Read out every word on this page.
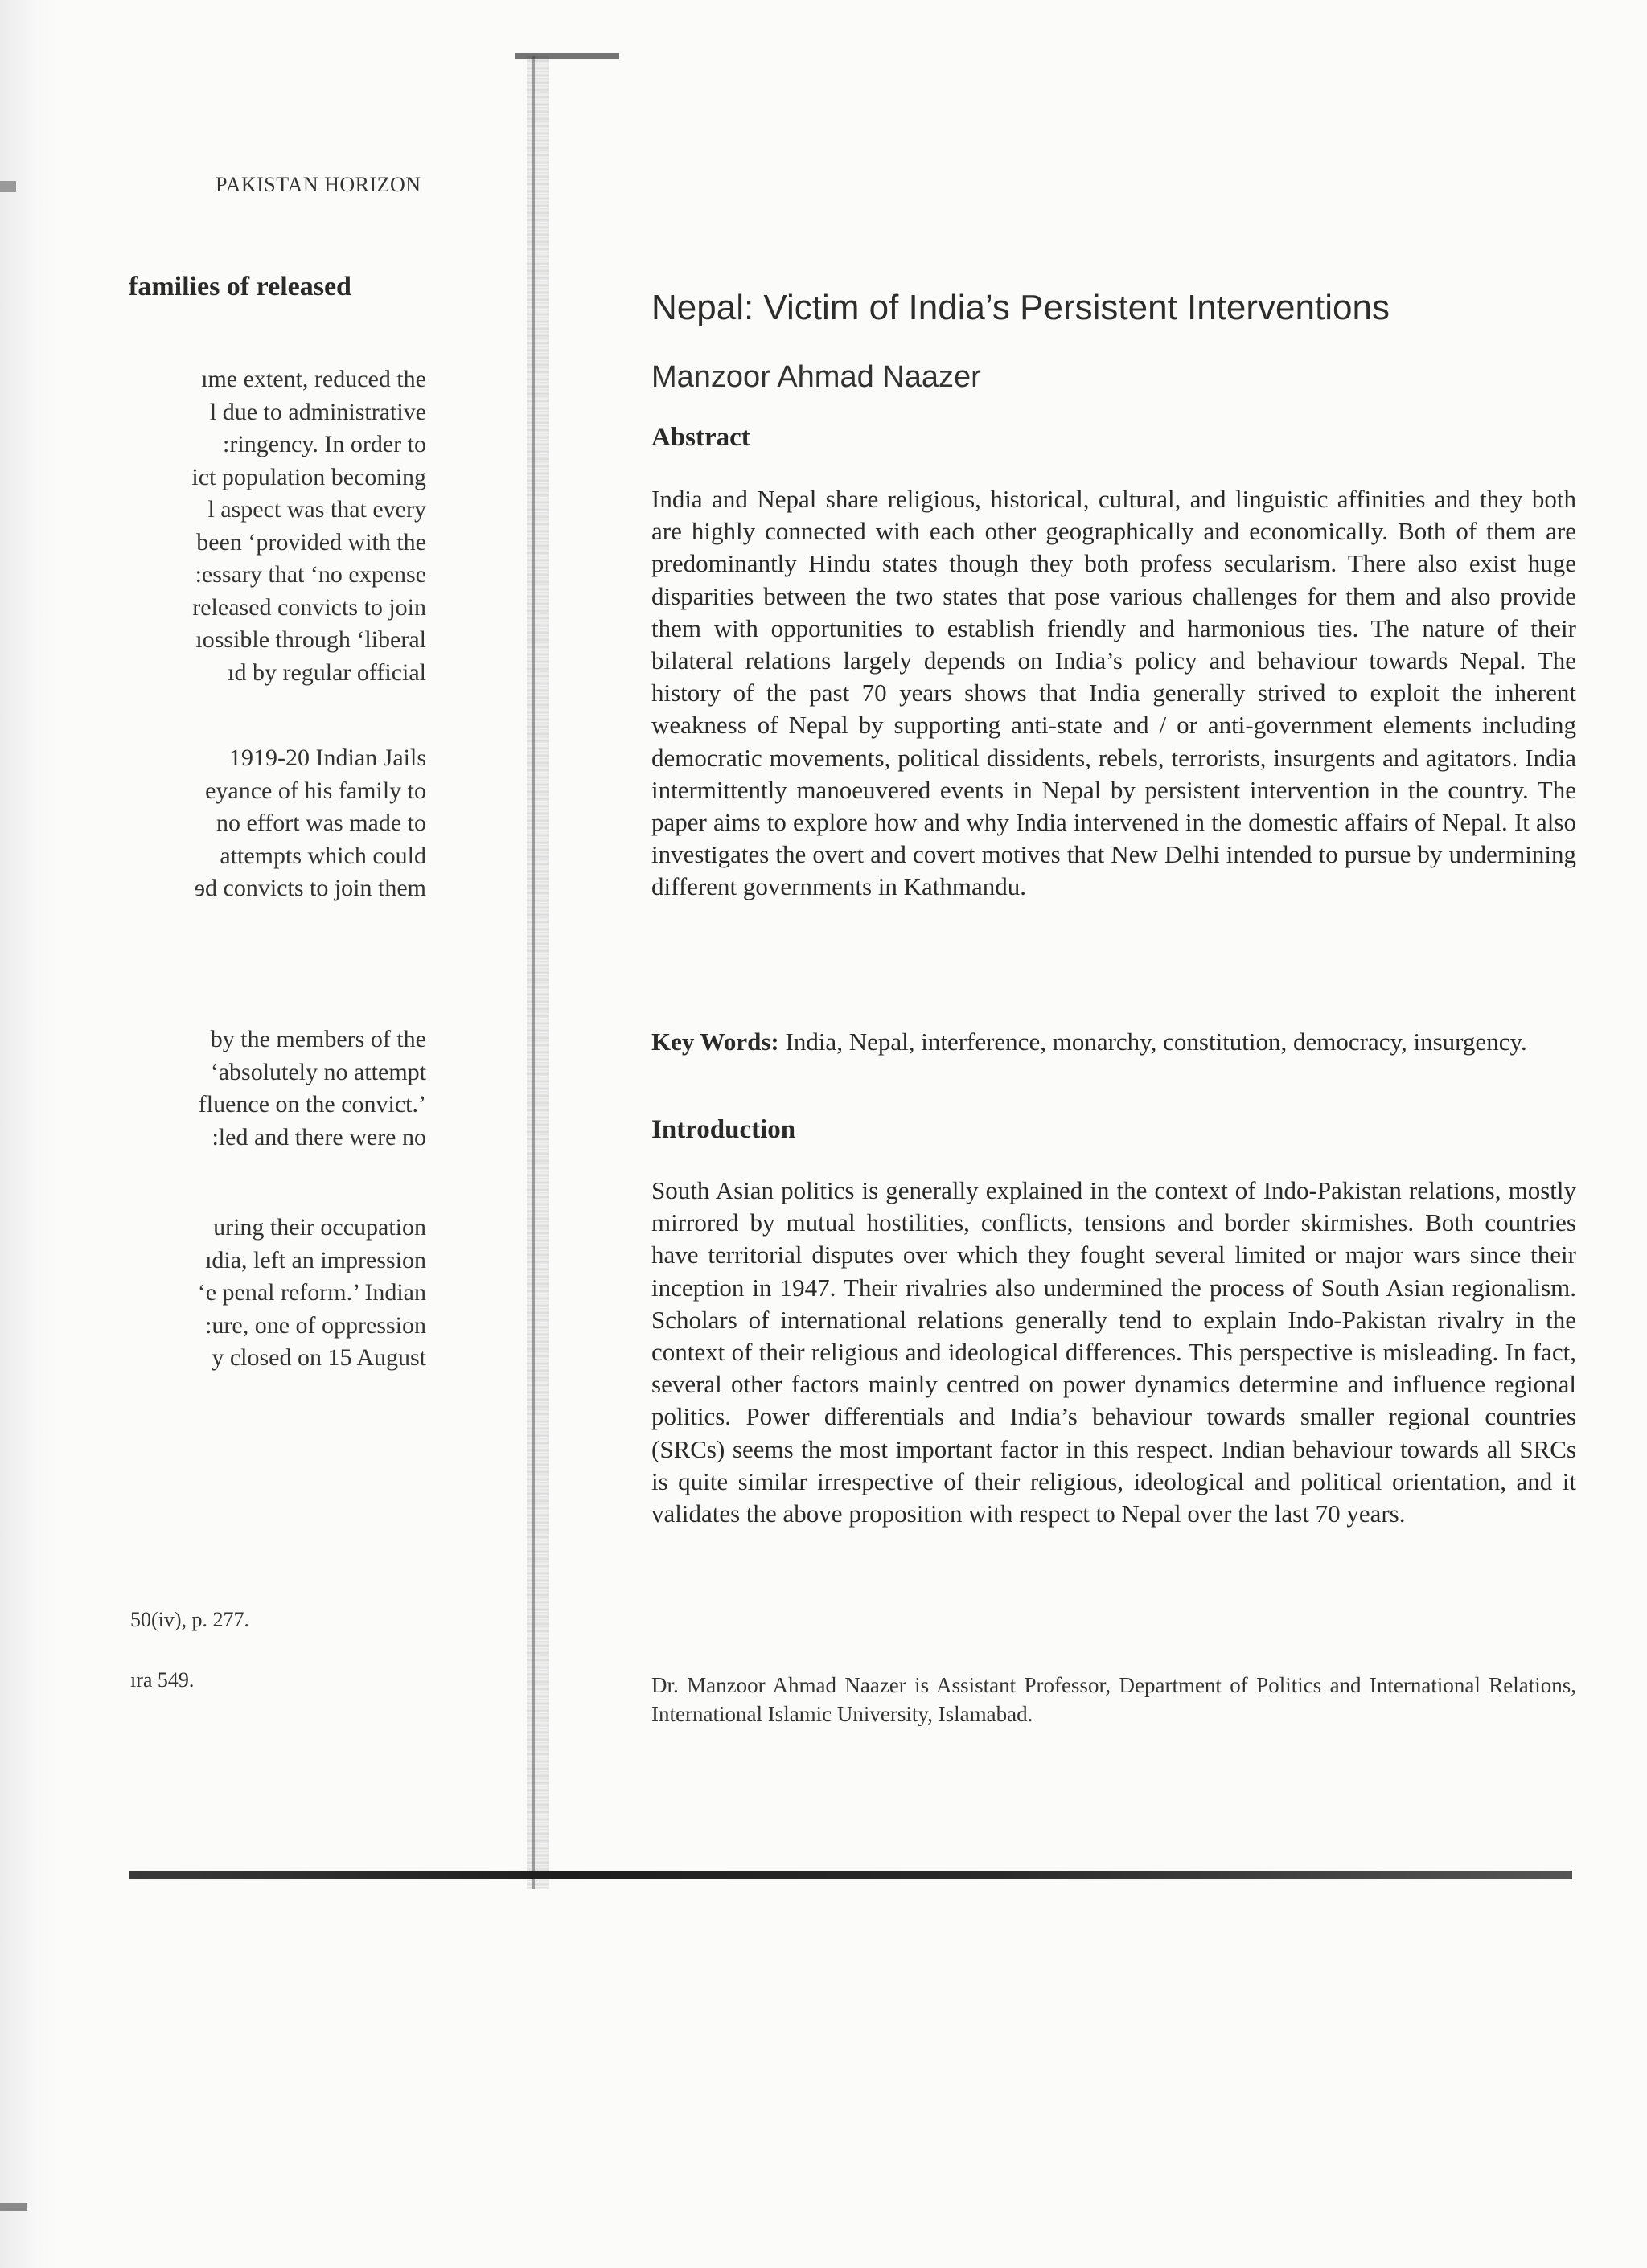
PAKISTAN HORIZON
families of released
ıme extent, reduced the
l due to administrative
:ringency. In order to
ict population becoming
l aspect was that every
been ‘provided with the
:essary that ‘no expense
released convicts to join
ıossible through ‘liberal
ıd by regular official
1919-20 Indian Jails
eyance of his family to
no effort was made to
attempts which could
ɘd convicts to join them
by the members of the
‘absolutely no attempt
fluence on the convict.’
:led and there were no
uring their occupation
ıdia, left an impression
‘e penal reform.’ Indian
:ure, one of oppression
y closed on 15 August
50(iv), p. 277.
ıra 549.
Nepal: Victim of India’s Persistent Interventions
Manzoor Ahmad Naazer
Abstract

India and Nepal share religious, historical, cultural, and linguistic affinities and they both are highly connected with each other geographically and economically. Both of them are predominantly Hindu states though they both profess secularism. There also exist huge disparities between the two states that pose various challenges for them and also provide them with opportunities to establish friendly and harmonious ties. The nature of their bilateral relations largely depends on India’s policy and behaviour towards Nepal. The history of the past 70 years shows that India generally strived to exploit the inherent weakness of Nepal by supporting anti-state and / or anti-government elements including democratic movements, political dissidents, rebels, terrorists, insurgents and agitators. India intermittently manoeuvered events in Nepal by persistent intervention in the country. The paper aims to explore how and why India intervened in the domestic affairs of Nepal. It also investigates the overt and covert motives that New Delhi intended to pursue by undermining different governments in Kathmandu.

Key Words: India, Nepal, interference, monarchy, constitution, democracy, insurgency.

Introduction

South Asian politics is generally explained in the context of Indo-Pakistan relations, mostly mirrored by mutual hostilities, conflicts, tensions and border skirmishes. Both countries have territorial disputes over which they fought several limited or major wars since their inception in 1947. Their rivalries also undermined the process of South Asian regionalism. Scholars of international relations generally tend to explain Indo-Pakistan rivalry in the context of their religious and ideological differences. This perspective is misleading. In fact, several other factors mainly centred on power dynamics determine and influence regional politics. Power differentials and India’s behaviour towards smaller regional countries (SRCs) seems the most important factor in this respect. Indian behaviour towards all SRCs is quite similar irrespective of their religious, ideological and political orientation, and it validates the above proposition with respect to Nepal over the last 70 years.

Dr. Manzoor Ahmad Naazer is Assistant Professor, Department of Politics and International Relations, International Islamic University, Islamabad.
